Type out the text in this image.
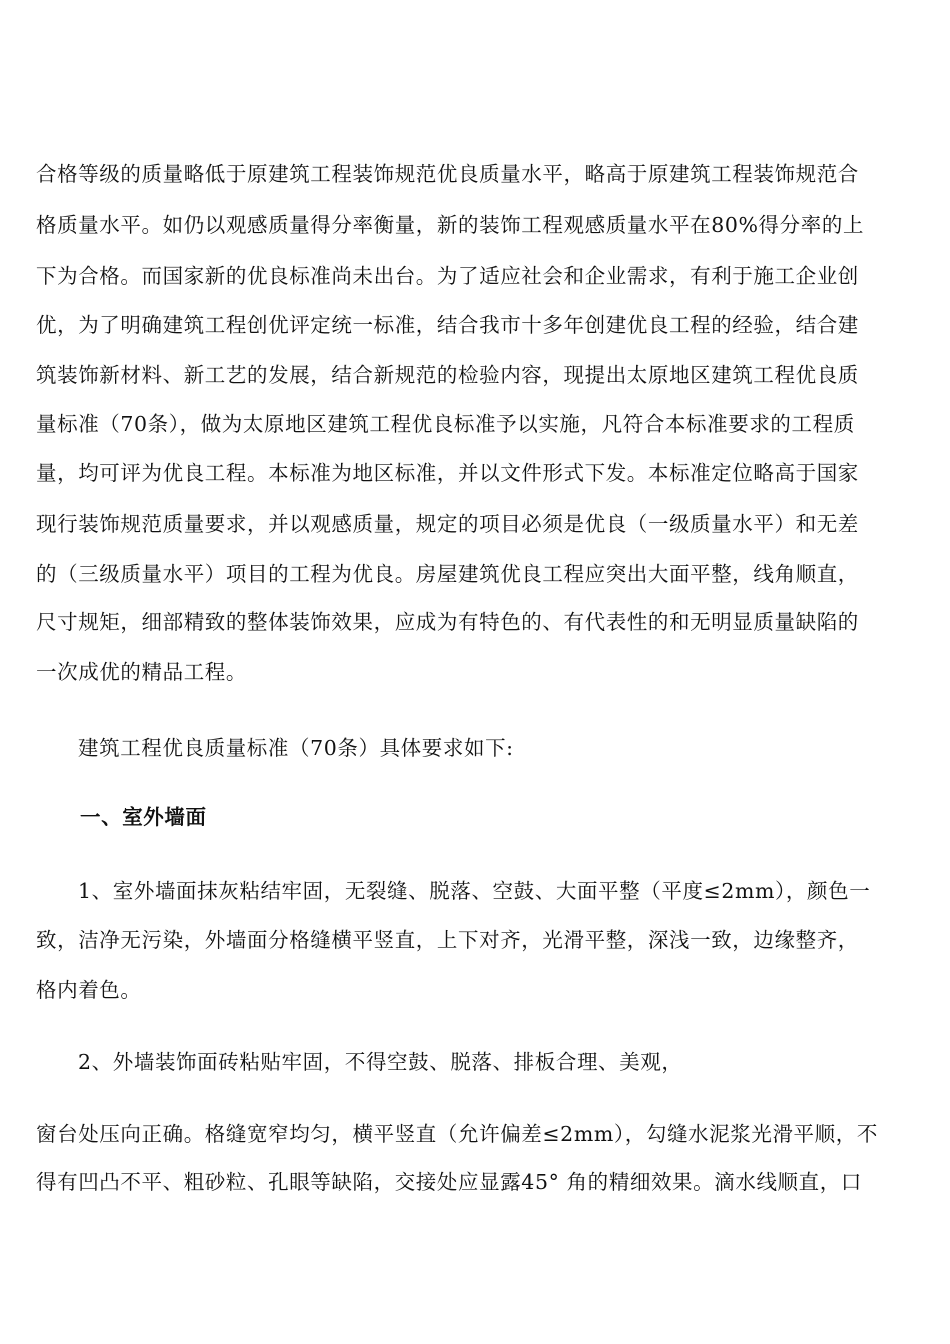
合格等级的质量略低于原建筑工程装饰规范优良质量水平，略高于原建筑工程装饰规范合
格质量水平。如仍以观感质量得分率衡量，新的装饰工程观感质量水平在80%得分率的上
下为合格。而国家新的优良标准尚未出台。为了适应社会和企业需求，有利于施工企业创
优，为了明确建筑工程创优评定统一标准，结合我市十多年创建优良工程的经验，结合建
筑装饰新材料、新工艺的发展，结合新规范的检验内容，现提出太原地区建筑工程优良质
量标准（70条），做为太原地区建筑工程优良标准予以实施，凡符合本标准要求的工程质
量，均可评为优良工程。本标准为地区标准，并以文件形式下发。本标准定位略高于国家
现行装饰规范质量要求，并以观感质量，规定的项目必须是优良（一级质量水平）和无差
的（三级质量水平）项目的工程为优良。房屋建筑优良工程应突出大面平整，线角顺直，
尺寸规矩，细部精致的整体装饰效果，应成为有特色的、有代表性的和无明显质量缺陷的
一次成优的精品工程。
建筑工程优良质量标准（70条）具体要求如下:
一、室外墙面
1、室外墙面抹灰粘结牢固，无裂缝、脱落、空鼓、大面平整（平度≤2mm），颜色一
致，洁净无污染，外墙面分格缝横平竖直，上下对齐，光滑平整，深浅一致，边缘整齐，
格内着色。
2、外墙装饰面砖粘贴牢固，不得空鼓、脱落、排板合理、美观，
窗台处压向正确。格缝宽窄均匀，横平竖直（允许偏差≤2mm），勾缝水泥浆光滑平顺，不
得有凹凸不平、粗砂粒、孔眼等缺陷，交接处应显露45° 角的精细效果。滴水线顺直，口
